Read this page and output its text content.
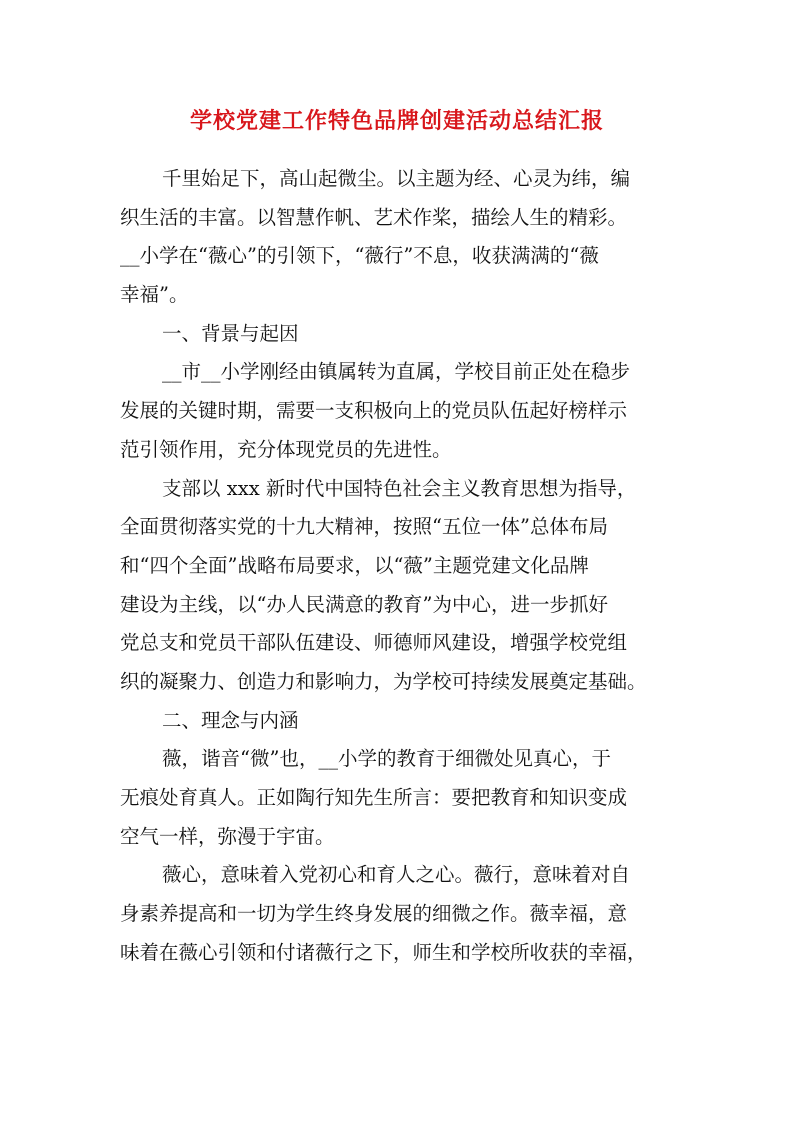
学校党建工作特色品牌创建活动总结汇报
千里始足下，高山起微尘。以主题为经、心灵为纬，编
织生活的丰富。以智慧作帆、艺术作桨，描绘人生的精彩。
__小学在“薇心”的引领下，“薇行”不息，收获满满的“薇
幸福”。
一、背景与起因
__市__小学刚经由镇属转为直属，学校目前正处在稳步
发展的关键时期，需要一支积极向上的党员队伍起好榜样示
范引领作用，充分体现党员的先进性。
支部以 xxx 新时代中国特色社会主义教育思想为指导，
全面贯彻落实党的十九大精神，按照“五位一体”总体布局
和“四个全面”战略布局要求，以“薇”主题党建文化品牌
建设为主线，以“办人民满意的教育”为中心，进一步抓好
党总支和党员干部队伍建设、师德师风建设，增强学校党组
织的凝聚力、创造力和影响力，为学校可持续发展奠定基础。
二、理念与内涵
薇，谐音“微”也，__小学的教育于细微处见真心，于
无痕处育真人。正如陶行知先生所言：要把教育和知识变成
空气一样，弥漫于宇宙。
薇心，意味着入党初心和育人之心。薇行，意味着对自
身素养提高和一切为学生终身发展的细微之作。薇幸福，意
味着在薇心引领和付诸薇行之下，师生和学校所收获的幸福，
